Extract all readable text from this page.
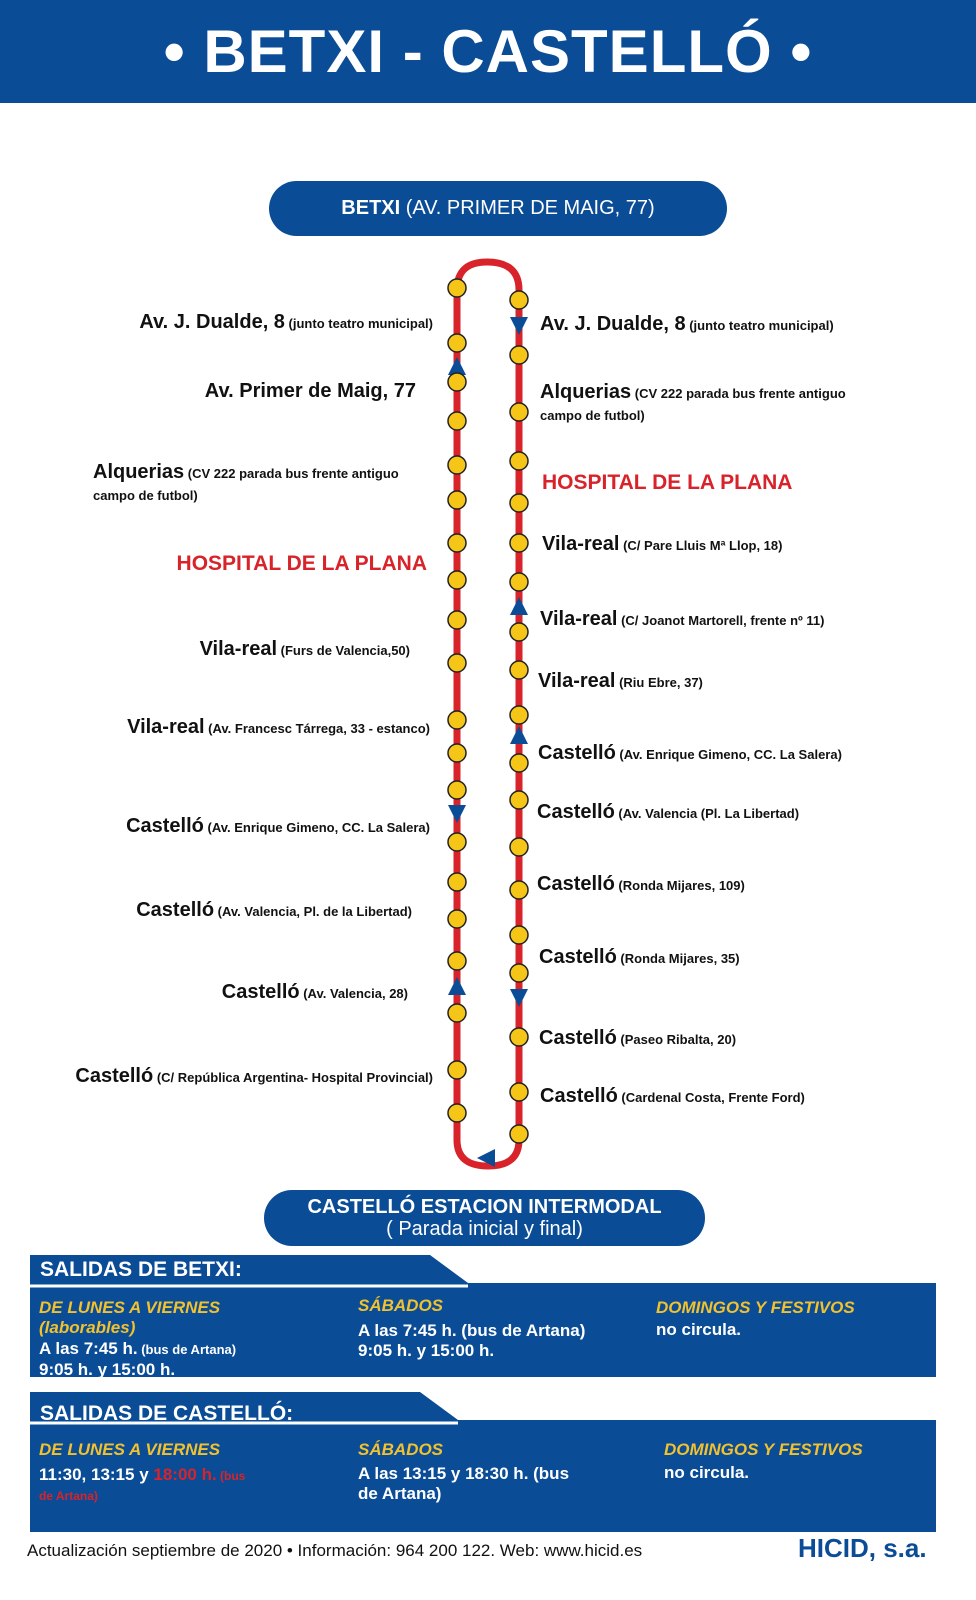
• BETXI - CASTELLÓ •
BETXI (AV. PRIMER DE MAIG, 77)
Av. J. Dualde, 8 (junto teatro municipal)
Av. Primer de Maig, 77
Alquerias (CV 222 parada bus frente antiguo
campo de futbol)
HOSPITAL DE LA PLANA
Vila-real (Furs de Valencia,50)
Vila-real (Av. Francesc Tárrega, 33 - estanco)
Castelló (Av. Enrique Gimeno, CC. La Salera)
Castelló (Av. Valencia, Pl. de la Libertad)
Castelló (Av. Valencia, 28)
Castelló (C/ República Argentina- Hospital Provincial)
Av. J. Dualde, 8 (junto teatro municipal)
Alquerias (CV 222 parada bus frente antiguo
campo de futbol)
HOSPITAL DE LA PLANA
Vila-real (C/ Pare Lluis Mª Llop, 18)
Vila-real (C/ Joanot Martorell, frente nº 11)
Vila-real (Riu Ebre, 37)
Castelló (Av. Enrique Gimeno, CC. La Salera)
Castelló (Av. Valencia (Pl. La Libertad)
Castelló (Ronda Mijares, 109)
Castelló (Ronda Mijares, 35)
Castelló (Paseo Ribalta, 20)
Castelló (Cardenal Costa, Frente Ford)
CASTELLÓ ESTACION INTERMODAL
( Parada inicial y final)
SALIDAS DE BETXI:
DE LUNES A VIERNES
(laborables)
A las 7:45 h. (bus de Artana)
9:05 h. y 15:00 h.
SÁBADOS
A las 7:45 h. (bus de Artana)
9:05 h. y 15:00 h.
DOMINGOS Y FESTIVOS
no circula.
SALIDAS DE CASTELLÓ:
DE LUNES A VIERNES
11:30, 13:15 y 18:00 h. (bus
de Artana)
SÁBADOS
A las 13:15 y 18:30 h. (bus
de Artana)
DOMINGOS Y FESTIVOS
no circula.
Actualización septiembre de 2020 • Información: 964 200 122. Web: www.hicid.es	HICID, s.a.
